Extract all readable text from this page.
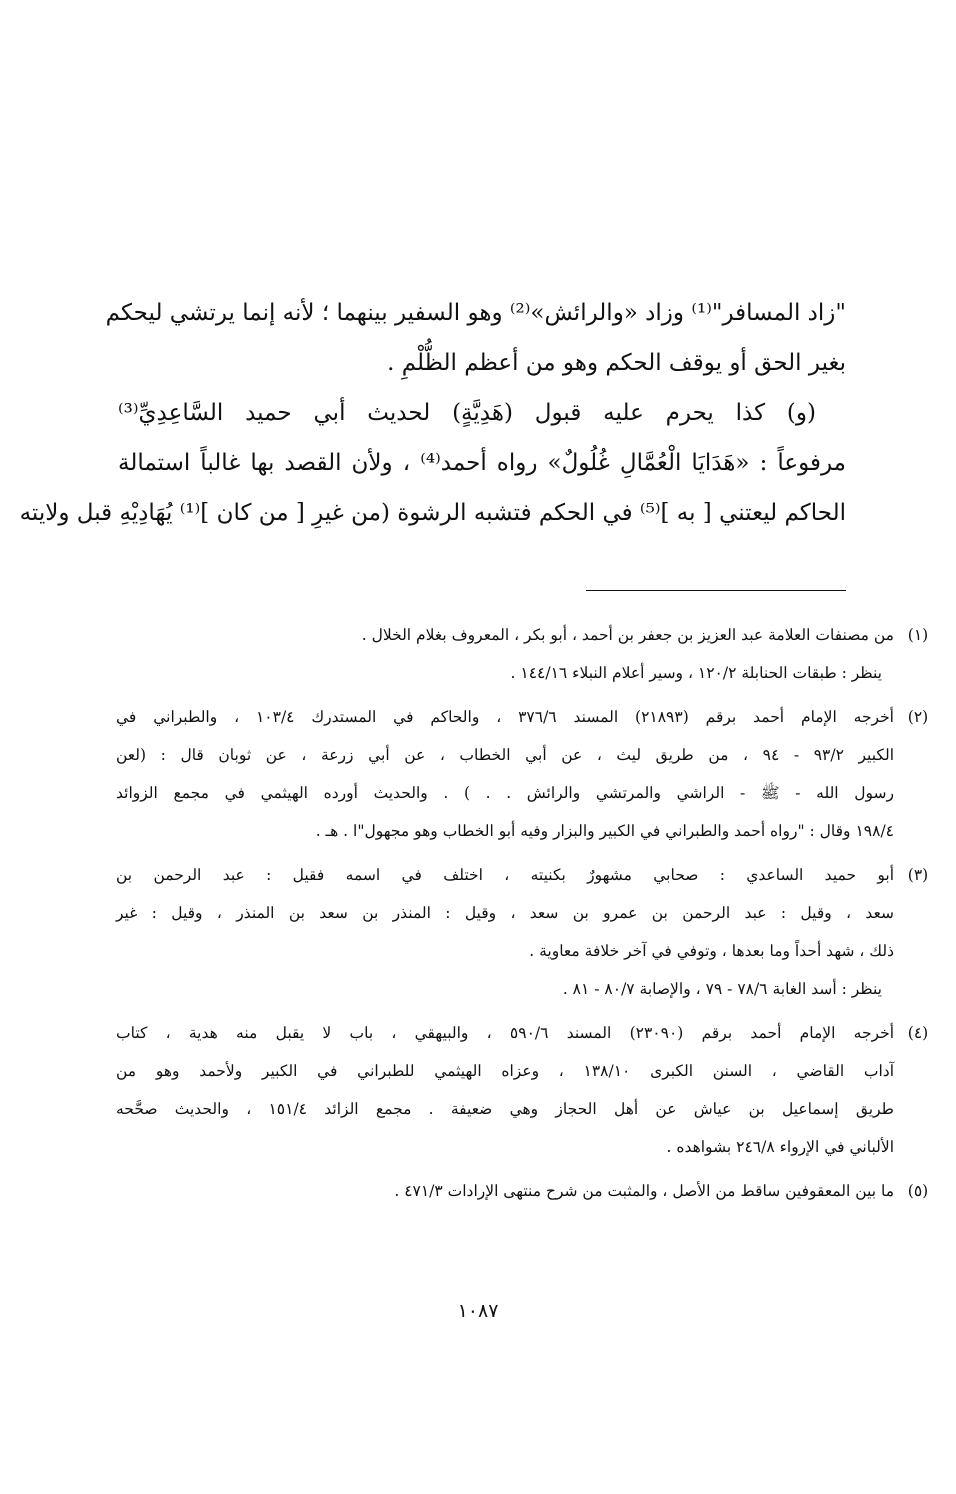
"زاد المسافر"⁽¹⁾ وزاد «والرائش»⁽²⁾ وهو السفير بينهما ؛ لأنه إنما يرتشي ليحكم
بغير الحق أو يوقف الحكم وهو من أعظم الظُّلْمِ .
(و) كذا يحرم عليه قبول (هَدِيَّةٍ) لحديث أبي حميد السَّاعِدِيِّ⁽³⁾
مرفوعاً : «هَدَايَا الْعُمَّالِ غُلُولٌ» رواه أحمد⁽⁴⁾ ، ولأن القصد بها غالباً استمالة
الحاكم ليعتني [ به ]⁽⁵⁾ في الحكم فتشبه الرشوة (من غيرِ [ من كان ]⁽¹⁾ يُهَادِيْهِ قبل ولايته
(١)
من مصنفات العلامة عبد العزيز بن جعفر بن أحمد ، أبو بكر ، المعروف بغلام الخلال .
ينظر : طبقات الحنابلة ١٢٠/٢ ، وسير أعلام النبلاء ١٤٤/١٦ .
(٢)
أخرجه الإمام أحمد برقم (٢١٨٩٣) المسند ٣٧٦/٦ ، والحاكم في المستدرك ١٠٣/٤ ، والطبراني في
الكبير ٩٣/٢ - ٩٤ ، من طريق ليث ، عن أبي الخطاب ، عن أبي زرعة ، عن ثوبان قال : (لعن
رسول الله - ﷺ - الراشي والمرتشي والرائش . . ) . والحديث أورده الهيثمي في مجمع الزوائد
١٩٨/٤ وقال : "رواه أحمد والطبراني في الكبير والبزار وفيه أبو الخطاب وهو مجهول"ا . هـ .
(٣)
أبو حميد الساعدي : صحابي مشهورٌ بكنيته ، اختلف في اسمه فقيل : عبد الرحمن بن
سعد ، وقيل : عبد الرحمن بن عمرو بن سعد ، وقيل : المنذر بن سعد بن المنذر ، وقيل : غير
ذلك ، شهد أحداً وما بعدها ، وتوفي في آخر خلافة معاوية .
ينظر : أسد الغابة ٧٨/٦ - ٧٩ ، والإصابة ٨٠/٧ - ٨١ .
(٤)
أخرجه الإمام أحمد برقم (٢٣٠٩٠) المسند ٥٩٠/٦ ، والبيهقي ، باب لا يقبل منه هدية ، كتاب
آداب القاضي ، السنن الكبرى ١٣٨/١٠ ، وعزاه الهيثمي للطبراني في الكبير ولأحمد وهو من
طريق إسماعيل بن عياش عن أهل الحجاز وهي ضعيفة . مجمع الزائد ١٥١/٤ ، والحديث صحَّحه
الألباني في الإرواء ٢٤٦/٨ بشواهده .
(٥)
ما بين المعقوفين ساقط من الأصل ، والمثبت من شرح منتهى الإرادات ٤٧١/٣ .
١٠٨٧
